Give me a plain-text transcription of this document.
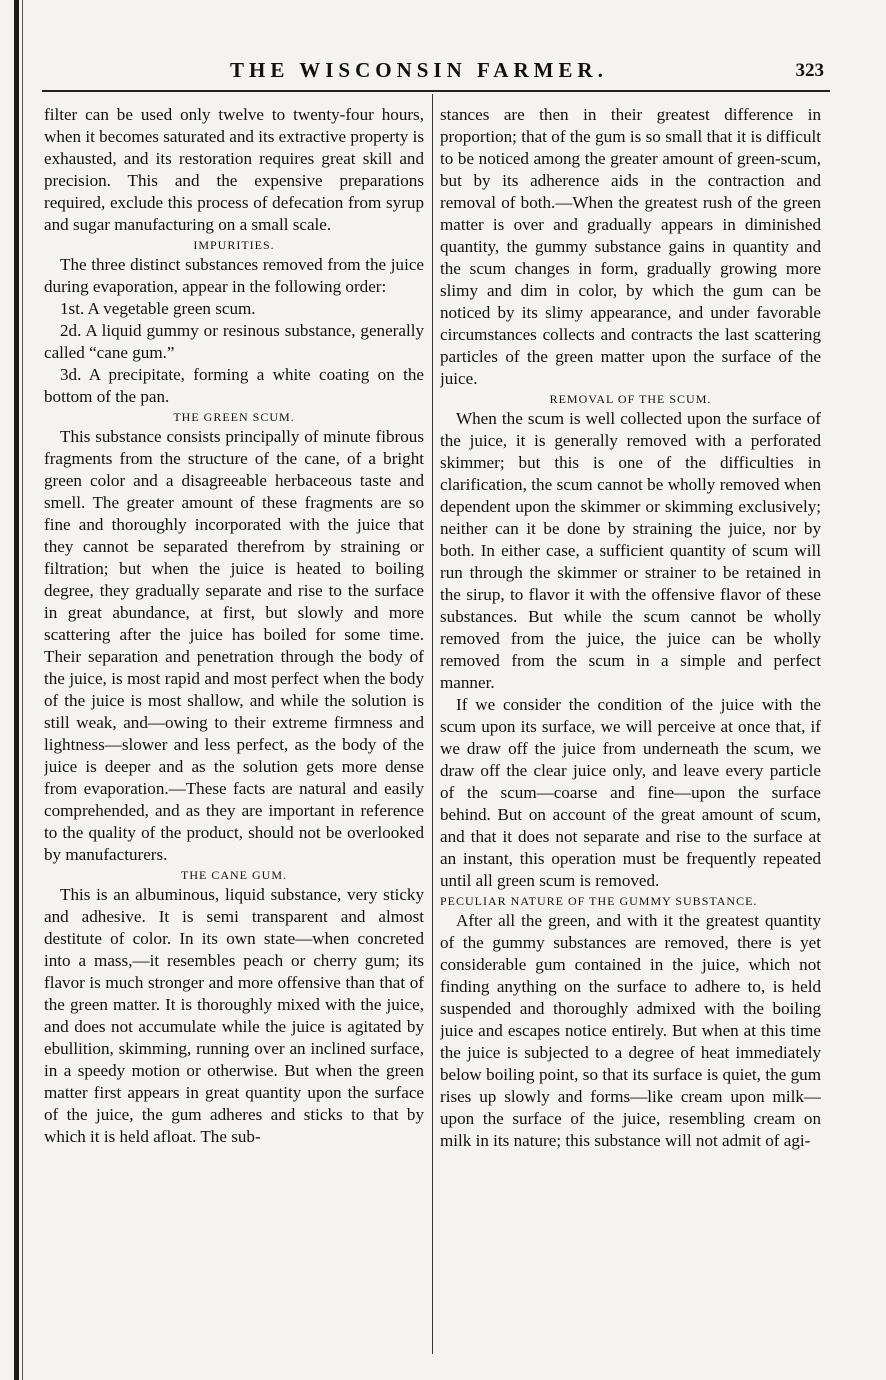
THE WISCONSIN FARMER.	323

filter can be used only twelve to twenty-four hours, when it becomes saturated and its extractive property is exhausted, and its restoration requires great skill and precision. This and the expensive preparations required, exclude this process of defecation from syrup and sugar manufacturing on a small scale.

IMPURITIES.

The three distinct substances removed from the juice during evaporation, appear in the following order:

1st. A vegetable green scum.

2d. A liquid gummy or resinous substance, generally called “cane gum.”

3d. A precipitate, forming a white coating on the bottom of the pan.

THE GREEN SCUM.

This substance consists principally of minute fibrous fragments from the structure of the cane, of a bright green color and a disagreeable herbaceous taste and smell. The greater amount of these fragments are so fine and thoroughly incorporated with the juice that they cannot be separated therefrom by straining or filtration; but when the juice is heated to boiling degree, they gradually separate and rise to the surface in great abundance, at first, but slowly and more scattering after the juice has boiled for some time. Their separation and penetration through the body of the juice, is most rapid and most perfect when the body of the juice is most shallow, and while the solution is still weak, and—owing to their extreme firmness and lightness—slower and less perfect, as the body of the juice is deeper and as the solution gets more dense from evaporation.—These facts are natural and easily comprehended, and as they are important in reference to the quality of the product, should not be overlooked by manufacturers.

THE CANE GUM.

This is an albuminous, liquid substance, very sticky and adhesive. It is semi transparent and almost destitute of color. In its own state—when concreted into a mass,—it resembles peach or cherry gum; its flavor is much stronger and more offensive than that of the green matter. It is thoroughly mixed with the juice, and does not accumulate while the juice is agitated by ebullition, skimming, running over an inclined surface, in a speedy motion or otherwise. But when the green matter first appears in great quantity upon the surface of the juice, the gum adheres and sticks to that by which it is held afloat. The sub-

stances are then in their greatest difference in proportion; that of the gum is so small that it is difficult to be noticed among the greater amount of green-scum, but by its adherence aids in the contraction and removal of both.—When the greatest rush of the green matter is over and gradually appears in diminished quantity, the gummy substance gains in quantity and the scum changes in form, gradually growing more slimy and dim in color, by which the gum can be noticed by its slimy appearance, and under favorable circumstances collects and contracts the last scattering particles of the green matter upon the surface of the juice.

REMOVAL OF THE SCUM.

When the scum is well collected upon the surface of the juice, it is generally removed with a perforated skimmer; but this is one of the difficulties in clarification, the scum cannot be wholly removed when dependent upon the skimmer or skimming exclusively; neither can it be done by straining the juice, nor by both. In either case, a sufficient quantity of scum will run through the skimmer or strainer to be retained in the sirup, to flavor it with the offensive flavor of these substances. But while the scum cannot be wholly removed from the juice, the juice can be wholly removed from the scum in a simple and perfect manner.

If we consider the condition of the juice with the scum upon its surface, we will perceive at once that, if we draw off the juice from underneath the scum, we draw off the clear juice only, and leave every particle of the scum—coarse and fine—upon the surface behind. But on account of the great amount of scum, and that it does not separate and rise to the surface at an instant, this operation must be frequently repeated until all green scum is removed.

PECULIAR NATURE OF THE GUMMY SUBSTANCE.

After all the green, and with it the greatest quantity of the gummy substances are removed, there is yet considerable gum contained in the juice, which not finding anything on the surface to adhere to, is held suspended and thoroughly admixed with the boiling juice and escapes notice entirely. But when at this time the juice is subjected to a degree of heat immediately below boiling point, so that its surface is quiet, the gum rises up slowly and forms—like cream upon milk—upon the surface of the juice, resembling cream on milk in its nature; this substance will not admit of agi-
